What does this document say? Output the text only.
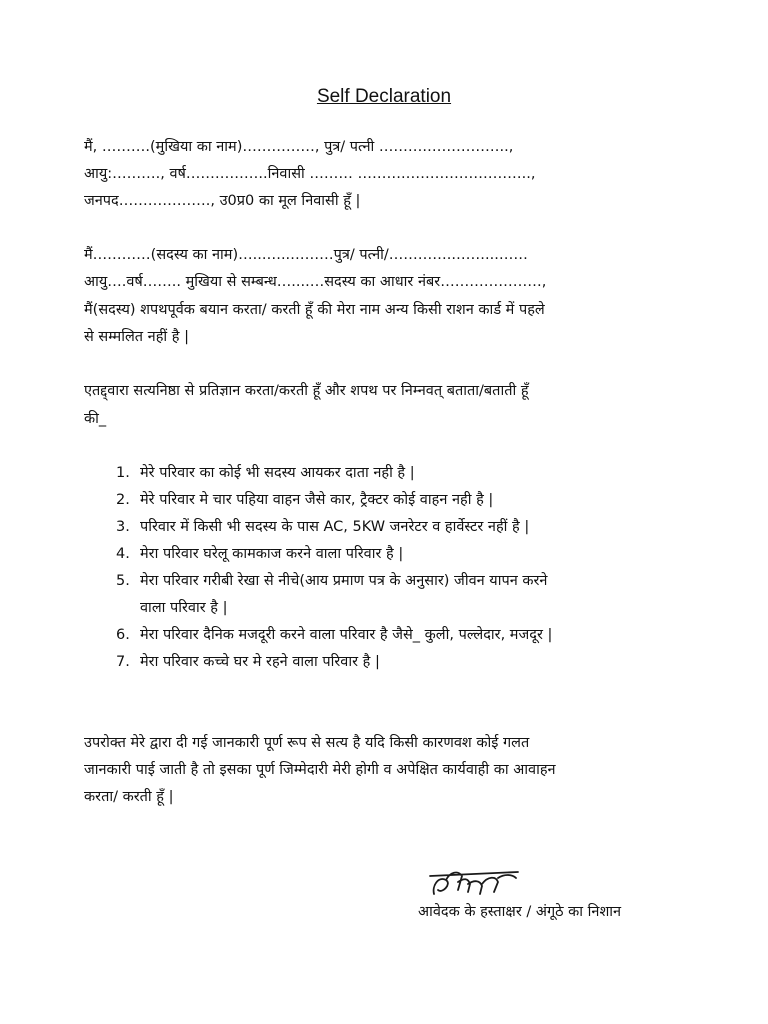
Self Declaration
मैं, ……….(मुखिया का नाम)……………, पुत्र/ पत्नी ……….……………..,
आयु:………., वर्ष……………..निवासी ……… ……….……………………..,
जनपद………………., उ0प्र0 का मूल निवासी हूँ |
मैं…………(सदस्य का नाम)…...…..………पुत्र/ पत्नी/…………..……...……
आयु….वर्ष…….. मुखिया से सम्बन्ध…....…सदस्य का आधार नंबर…………………,
मैं(सदस्य) शपथपूर्वक बयान करता/ करती हूँ की मेरा नाम अन्य किसी राशन कार्ड में पहले
से सम्मलित नहीं है |
एतद्द्वारा सत्यनिष्ठा से प्रतिज्ञान करता/करती हूँ और शपथ पर निम्नवत् बताता/बताती हूँ
की_
1. मेरे परिवार का कोई भी सदस्य आयकर दाता नही है |
2. मेरे परिवार मे चार पहिया वाहन जैसे कार, ट्रैक्टर कोई वाहन नही है |
3. परिवार में किसी भी सदस्य के पास AC, 5KW जनरेटर व हार्वेस्टर नहीं है |
4. मेरा परिवार घरेलू कामकाज करने वाला परिवार है |
5. मेरा परिवार गरीबी रेखा से नीचे(आय प्रमाण पत्र के अनुसार) जीवन यापन करने
वाला परिवार है |
6. मेरा परिवार दैनिक मजदूरी करने वाला परिवार है जैसे_ कुली, पल्लेदार, मजदूर |
7. मेरा परिवार कच्चे घर मे रहने वाला परिवार है |
उपरोक्त मेरे द्वारा दी गई जानकारी पूर्ण रूप से सत्य है यदि किसी कारणवश कोई गलत
जानकारी पाई जाती है तो इसका पूर्ण जिम्मेदारी मेरी होगी व अपेक्षित कार्यवाही का आवाहन
करता/ करती हूँ |
आवेदक के हस्ताक्षर / अंगूठे का निशान
